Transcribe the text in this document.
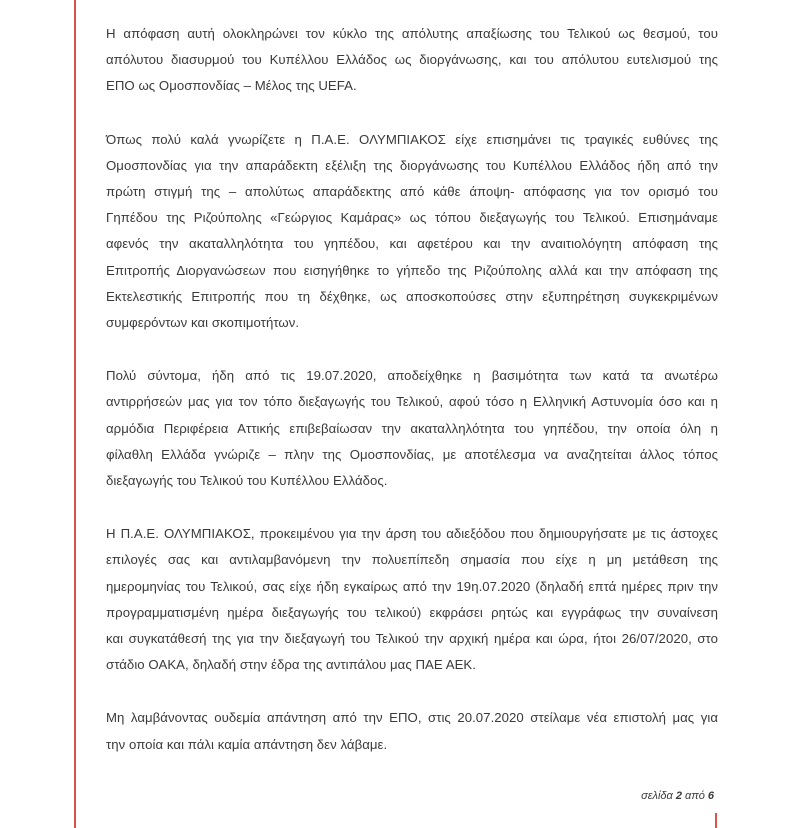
Η απόφαση αυτή ολοκληρώνει τον κύκλο της απόλυτης απαξίωσης του Τελικού ως θεσμού, του
απόλυτου διασυρμού του Κυπέλλου Ελλάδος ως διοργάνωσης, και του απόλυτου ευτελισμού της
ΕΠΟ ως Ομοσπονδίας – Μέλος της UEFA.

Όπως πολύ καλά γνωρίζετε η Π.Α.Ε. ΟΛΥΜΠΙΑΚΟΣ είχε επισημάνει τις τραγικές ευθύνες της
Ομοσπονδίας για την απαράδεκτη εξέλιξη της διοργάνωσης του Κυπέλλου Ελλάδος ήδη από την
πρώτη στιγμή της – απολύτως απαράδεκτης από κάθε άποψη- απόφασης για τον ορισμό του
Γηπέδου της Ριζούπολης «Γεώργιος Καμάρας» ως τόπου διεξαγωγής του Τελικού. Επισημάναμε
αφενός την ακαταλληλότητα του γηπέδου, και αφετέρου και την αναιτιολόγητη απόφαση της
Επιτροπής Διοργανώσεων που εισηγήθηκε το γήπεδο της Ριζούπολης αλλά και την απόφαση της
Εκτελεστικής Επιτροπής που τη δέχθηκε, ως αποσκοπούσες στην εξυπηρέτηση συγκεκριμένων
συμφερόντων και σκοπιμοτήτων.

Πολύ σύντομα, ήδη από τις 19.07.2020, αποδείχθηκε η βασιμότητα των κατά τα ανωτέρω
αντιρρήσεών μας για τον τόπο διεξαγωγής του Τελικού, αφού τόσο η Ελληνική Αστυνομία όσο και η
αρμόδια Περιφέρεια Αττικής επιβεβαίωσαν την ακαταλληλότητα του γηπέδου, την οποία όλη η
φίλαθλη Ελλάδα γνώριζε – πλην της Ομοσπονδίας, με αποτέλεσμα να αναζητείται άλλος τόπος
διεξαγωγής του Τελικού του Κυπέλλου Ελλάδος.

Η Π.Α.Ε. ΟΛΥΜΠΙΑΚΟΣ, προκειμένου για την άρση του αδιεξόδου που δημιουργήσατε με τις άστοχες
επιλογές σας και αντιλαμβανόμενη την πολυεπίπεδη σημασία που είχε η μη μετάθεση της
ημερομηνίας του Τελικού, σας είχε ήδη εγκαίρως από την 19η.07.2020 (δηλαδή επτά ημέρες πριν την
προγραμματισμένη ημέρα διεξαγωγής του τελικού) εκφράσει ρητώς και εγγράφως την συναίνεση
και συγκατάθεσή της για την διεξαγωγή του Τελικού την αρχική ημέρα και ώρα, ήτοι 26/07/2020, στο
στάδιο ΟΑΚΑ, δηλαδή στην έδρα της αντιπάλου μας ΠΑΕ ΑΕΚ.

Μη λαμβάνοντας ουδεμία απάντηση από την ΕΠΟ, στις 20.07.2020 στείλαμε νέα επιστολή μας για
την οποία και πάλι καμία απάντηση δεν λάβαμε.

σελίδα 2 από 6
